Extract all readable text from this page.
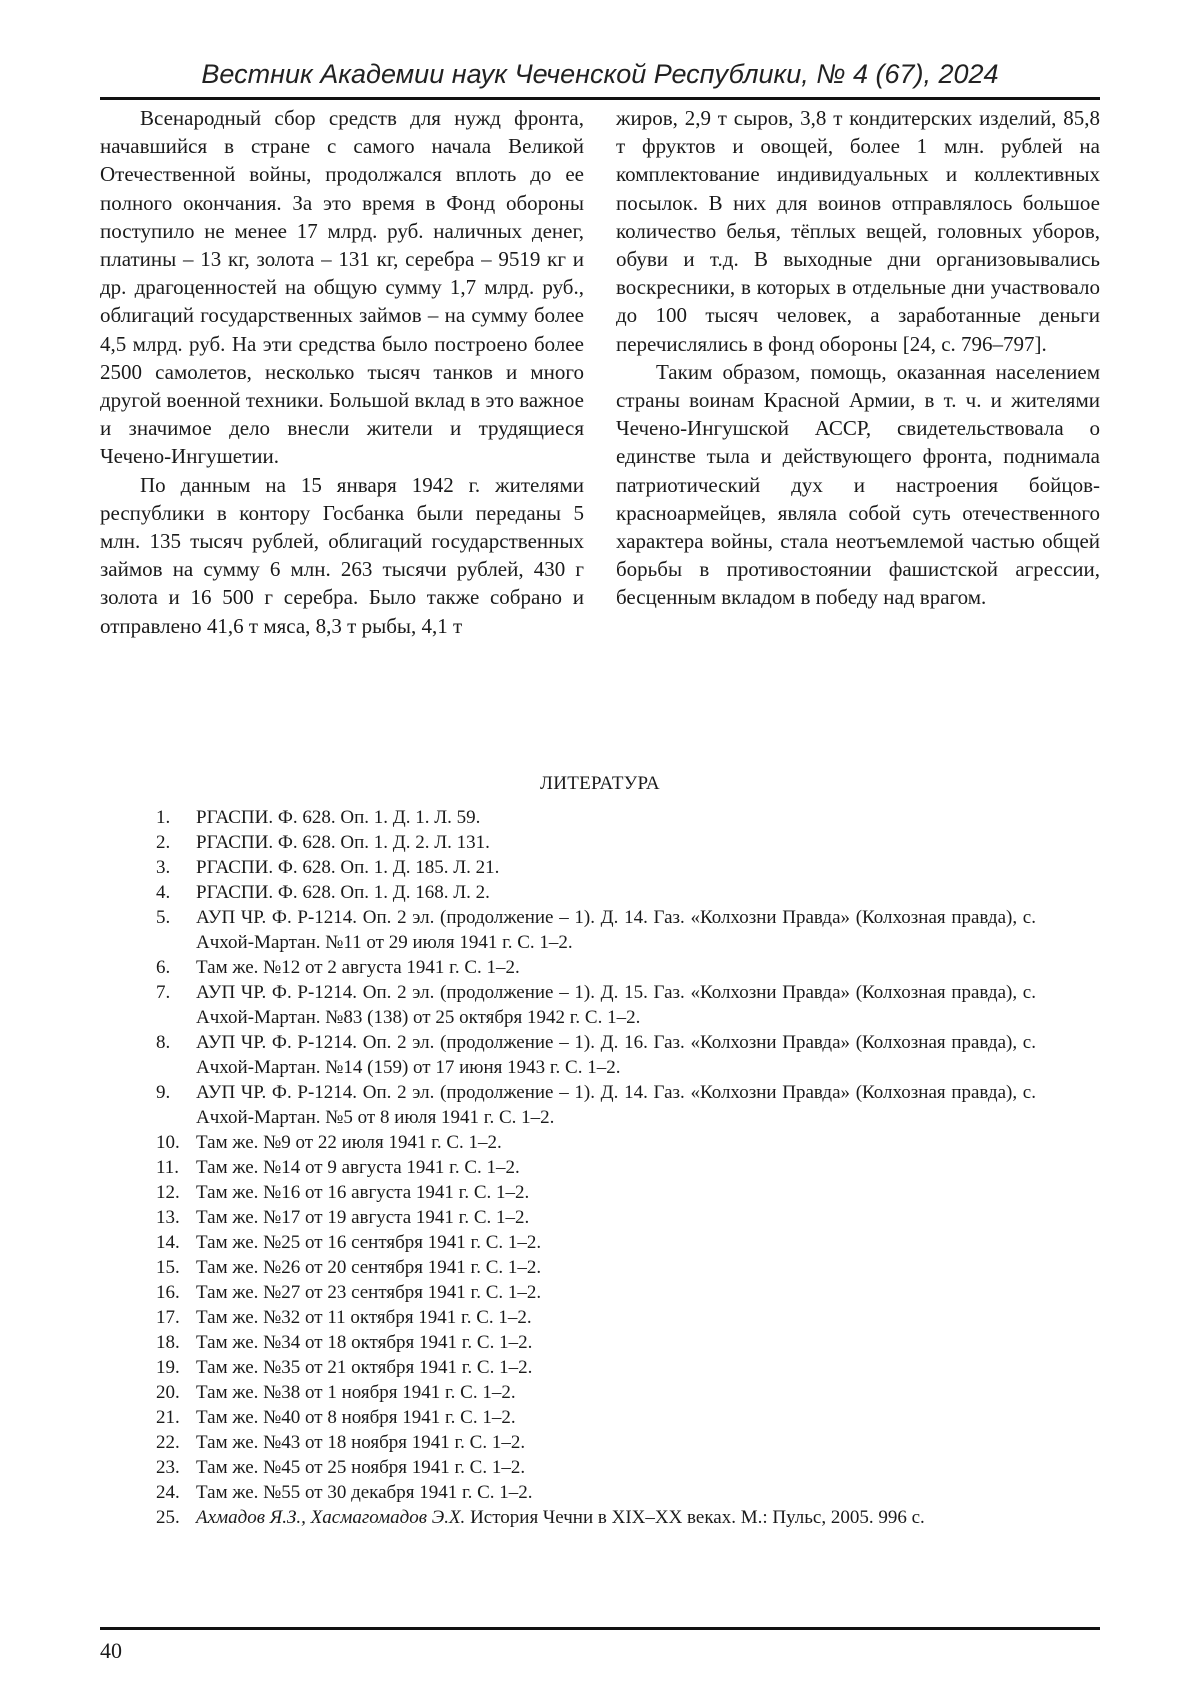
Вестник Академии наук Чеченской Республики, № 4 (67), 2024

Всенародный сбор средств для нужд фронта, начавшийся в стране с самого начала Великой Отечественной войны, продолжался вплоть до ее полного окончания. За это время в Фонд обороны поступило не менее 17 млрд. руб. наличных денег, платины – 13 кг, золота – 131 кг, серебра – 9519 кг и др. драгоценностей на общую сумму 1,7 млрд. руб., облигаций государственных займов – на сумму более 4,5 млрд. руб. На эти средства было построено более 2500 самолетов, несколько тысяч танков и много другой военной техники. Большой вклад в это важное и значимое дело внесли жители и трудящиеся Чечено-Ингушетии.

По данным на 15 января 1942 г. жителями республики в контору Госбанка были переданы 5 млн. 135 тысяч рублей, облигаций государственных займов на сумму 6 млн. 263 тысячи рублей, 430 г золота и 16 500 г серебра. Было также собрано и отправлено 41,6 т мяса, 8,3 т рыбы, 4,1 т

жиров, 2,9 т сыров, 3,8 т кондитерских изделий, 85,8 т фруктов и овощей, более 1 млн. рублей на комплектование индивидуальных и коллективных посылок. В них для воинов отправлялось большое количество белья, тёплых вещей, головных уборов, обуви и т.д. В выходные дни организовывались воскресники, в которых в отдельные дни участвовало до 100 тысяч человек, а заработанные деньги перечислялись в фонд обороны [24, с. 796–797].

Таким образом, помощь, оказанная населением страны воинам Красной Армии, в т. ч. и жителями Чечено-Ингушской АССР, свидетельствовала о единстве тыла и действующего фронта, поднимала патриотический дух и настроения бойцов-красноармейцев, являла собой суть отечественного характера войны, стала неотъемлемой частью общей борьбы в противостоянии фашистской агрессии, бесценным вкладом в победу над врагом.

ЛИТЕРАТУРА
1.	РГАСПИ. Ф. 628. Оп. 1. Д. 1. Л. 59.
2.	РГАСПИ. Ф. 628. Оп. 1. Д. 2. Л. 131.
3.	РГАСПИ. Ф. 628. Оп. 1. Д. 185. Л. 21.
4.	РГАСПИ. Ф. 628. Оп. 1. Д. 168. Л. 2.
5.	АУП ЧР. Ф. Р-1214. Оп. 2 эл. (продолжение – 1). Д. 14. Газ. «Колхозни Правда» (Колхозная правда), с. Ачхой-Мартан. №11 от 29 июля 1941 г. С. 1–2.
6.	Там же. №12 от 2 августа 1941 г. С. 1–2.
7.	АУП ЧР. Ф. Р-1214. Оп. 2 эл. (продолжение – 1). Д. 15. Газ. «Колхозни Правда» (Колхозная правда), с. Ачхой-Мартан. №83 (138) от 25 октября 1942 г. С. 1–2.
8.	АУП ЧР. Ф. Р-1214. Оп. 2 эл. (продолжение – 1). Д. 16. Газ. «Колхозни Правда» (Колхозная правда), с. Ачхой-Мартан. №14 (159) от 17 июня 1943 г. С. 1–2.
9.	АУП ЧР. Ф. Р-1214. Оп. 2 эл. (продолжение – 1). Д. 14. Газ. «Колхозни Правда» (Колхозная правда), с. Ачхой-Мартан. №5 от 8 июля 1941 г. С. 1–2.
10. Там же. №9 от 22 июля 1941 г. С. 1–2.
11. Там же. №14 от 9 августа 1941 г. С. 1–2.
12. Там же. №16 от 16 августа 1941 г. С. 1–2.
13. Там же. №17 от 19 августа 1941 г. С. 1–2.
14. Там же. №25 от 16 сентября 1941 г. С. 1–2.
15. Там же. №26 от 20 сентября 1941 г. С. 1–2.
16. Там же. №27 от 23 сентября 1941 г. С. 1–2.
17. Там же. №32 от 11 октября 1941 г. С. 1–2.
18. Там же. №34 от 18 октября 1941 г. С. 1–2.
19. Там же. №35 от 21 октября 1941 г. С. 1–2.
20. Там же. №38 от 1 ноября 1941 г. С. 1–2.
21. Там же. №40 от 8 ноября 1941 г. С. 1–2.
22. Там же. №43 от 18 ноября 1941 г. С. 1–2.
23. Там же. №45 от 25 ноября 1941 г. С. 1–2.
24. Там же. №55 от 30 декабря 1941 г. С. 1–2.
25. Ахмадов Я.З., Хасмагомадов Э.Х. История Чечни в XIX–XX веках. М.: Пульс, 2005. 996 с.
40
